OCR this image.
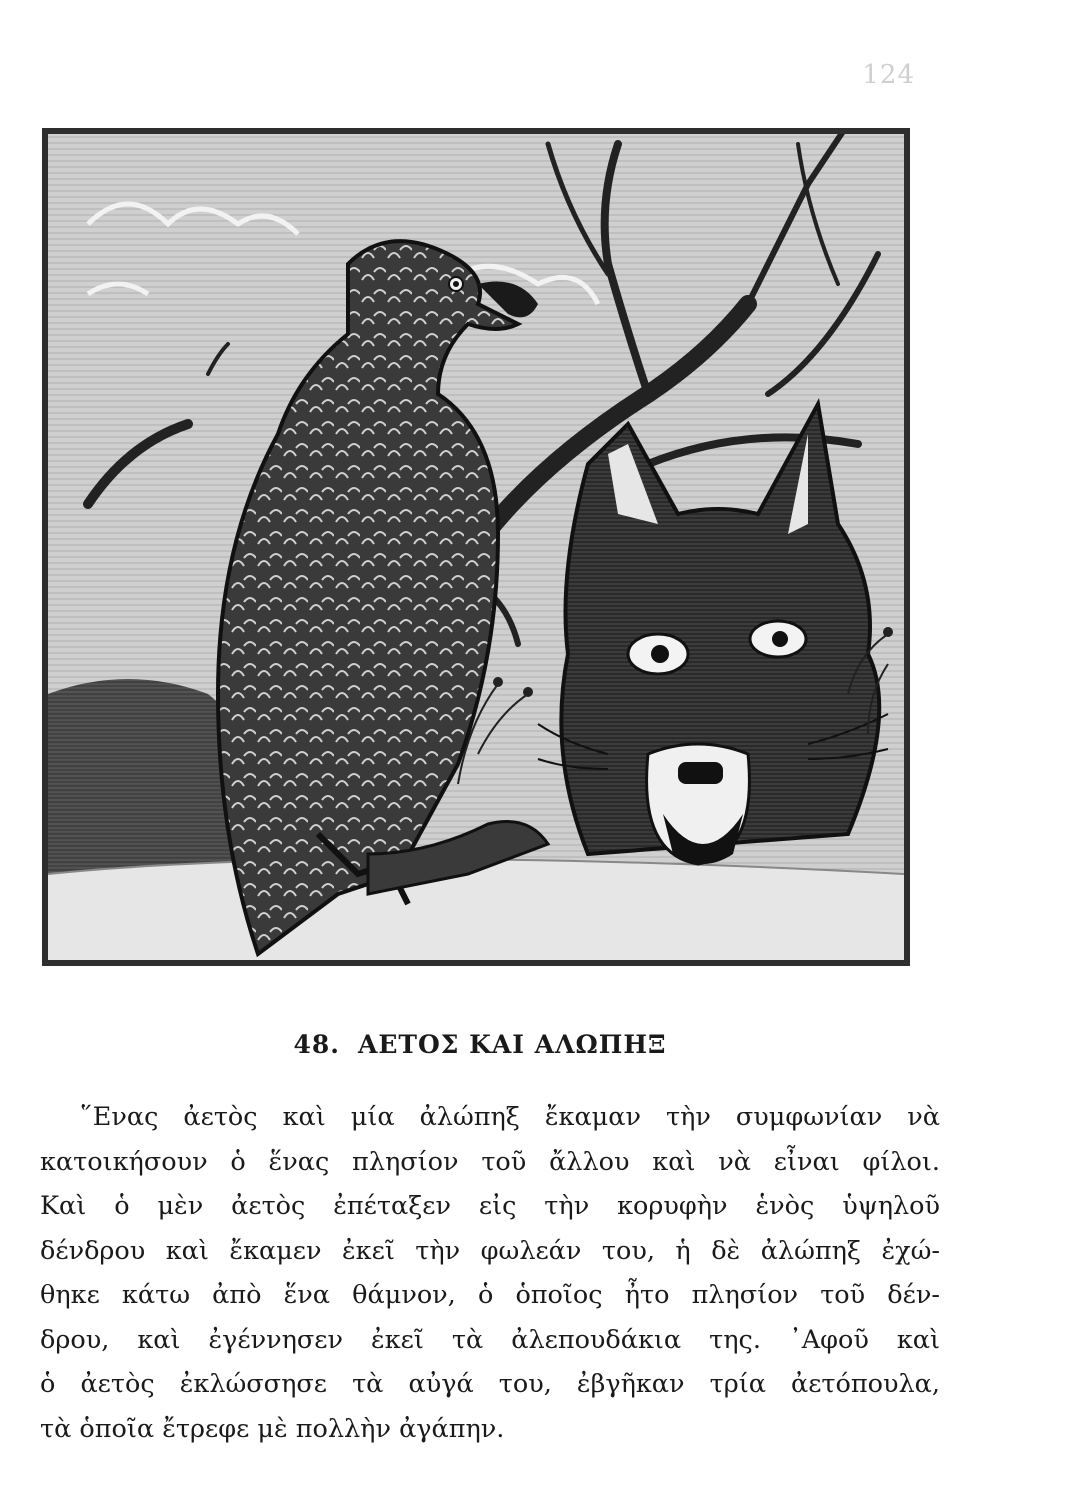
124
48. ΑΕΤΟΣ ΚΑΙ ΑΛΩΠΗΞ
῞Ενας ἀετὸς καὶ μία ἀλώπηξ ἔκαμαν τὴν συμφωνίαν νὰ
κατοικήσουν ὁ ἕνας πλησίον τοῦ ἄλλου καὶ νὰ εἶναι φίλοι.
Καὶ ὁ μὲν ἀετὸς ἐπέταξεν εἰς τὴν κορυφὴν ἑνὸς ὑψηλοῦ
δένδρου καὶ ἔκαμεν ἐκεῖ τὴν φωλεάν του, ἡ δὲ ἀλώπηξ ἐχώ-
θηκε κάτω ἀπὸ ἕνα θάμνον, ὁ ὁποῖος ἦτο πλησίον τοῦ δέν-
δρου, καὶ ἐγέννησεν ἐκεῖ τὰ ἀλεπουδάκια της. ᾿Αφοῦ καὶ
ὁ ἀετὸς ἐκλώσσησε τὰ αὐγά του, ἐβγῆκαν τρία ἀετόπουλα,
τὰ ὁποῖα ἔτρεφε μὲ πολλὴν ἀγάπην.
